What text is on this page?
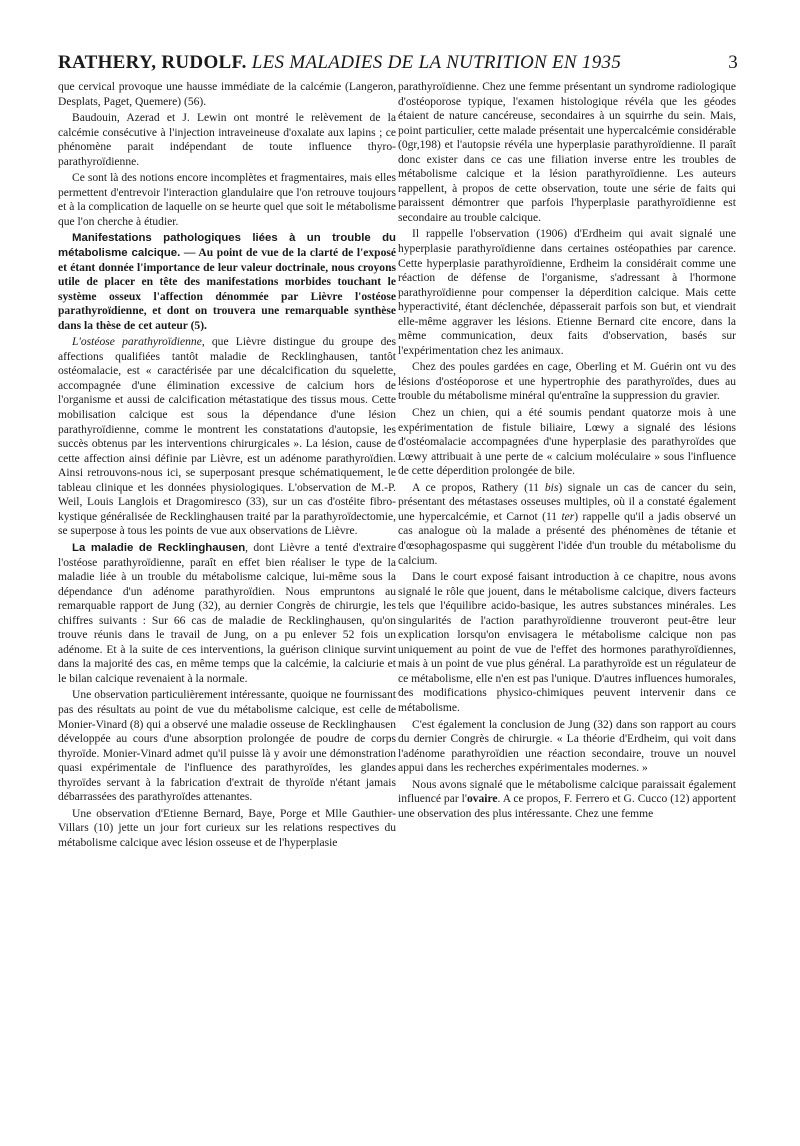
RATHERY, RUDOLF. LES MALADIES DE LA NUTRITION EN 1935	3

que cervical provoque une hausse immédiate de la calcémie (Langeron, Desplats, Paget, Quemere) (56).

Baudouin, Azerad et J. Lewin ont montré le relèvement de la calcémie consécutive à l'injection intraveineuse d'oxalate aux lapins ; ce phénomène parait indépendant de toute influence thyro-parathyroïdienne.

Ce sont là des notions encore incomplètes et fragmentaires, mais elles permettent d'entrevoir l'interaction glandulaire que l'on retrouve toujours et à la complication de laquelle on se heurte quel que soit le métabolisme que l'on cherche à étudier.

Manifestations pathologiques liées à un trouble du métabolisme calcique. — Au point de vue de la clarté de l'exposé et étant donnée l'importance de leur valeur doctrinale, nous croyons utile de placer en tête des manifestations morbides touchant le système osseux l'affection dénommée par Lièvre l'ostéose parathyroïdienne, et dont on trouvera une remarquable synthèse dans la thèse de cet auteur (5).

L'ostéose parathyroïdienne, que Lièvre distingue du groupe des affections qualifiées tantôt maladie de Recklinghausen, tantôt ostéomalacie, est « caractérisée par une décalcification du squelette, accompagnée d'une élimination excessive de calcium hors de l'organisme et aussi de calcification métastatique des tissus mous. Cette mobilisation calcique est sous la dépendance d'une lésion parathyroïdienne, comme le montrent les constatations d'autopsie, les succès obtenus par les interventions chirurgicales ». La lésion, cause de cette affection ainsi définie par Lièvre, est un adénome parathyroïdien. Ainsi retrouvons-nous ici, se superposant presque schématiquement, le tableau clinique et les données physiologiques. L'observation de M.-P. Weil, Louis Langlois et Dragomiresco (33), sur un cas d'ostéite fibro-kystique généralisée de Recklinghausen traité par la parathyroïdectomie, se superpose à tous les points de vue aux observations de Lièvre.

La maladie de Recklinghausen, dont Lièvre a tenté d'extraire l'ostéose parathyroïdienne, paraît en effet bien réaliser le type de la maladie liée à un trouble du métabolisme calcique, lui-même sous la dépendance d'un adénome parathyroïdien. Nous empruntons au remarquable rapport de Jung (32), au dernier Congrès de chirurgie, les chiffres suivants : Sur 66 cas de maladie de Recklinghausen, qu'on trouve réunis dans le travail de Jung, on a pu enlever 52 fois un adénome. Et à la suite de ces interventions, la guérison clinique survint dans la majorité des cas, en même temps que la calcémie, la calciurie et le bilan calcique revenaient à la normale.

Une observation particulièrement intéressante, quoique ne fournissant pas des résultats au point de vue du métabolisme calcique, est celle de Monier-Vinard (8) qui a observé une maladie osseuse de Recklinghausen développée au cours d'une absorption prolongée de poudre de corps thyroïde. Monier-Vinard admet qu'il puisse là y avoir une démonstration quasi expérimentale de l'influence des parathyroïdes, les glandes thyroïdes servant à la fabrication d'extrait de thyroïde n'étant jamais débarrassées des parathyroïdes attenantes.

Une observation d'Etienne Bernard, Baye, Porge et Mlle Gauthier-Villars (10) jette un jour fort curieux sur les relations respectives du métabolisme calcique avec lésion osseuse et de l'hyperplasie

parathyroïdienne. Chez une femme présentant un syndrome radiologique d'ostéoporose typique, l'examen histologique révéla que les géodes étaient de nature cancéreuse, secondaires à un squirrhe du sein. Mais, point particulier, cette malade présentait une hypercalcémie considérable (0gr,198) et l'autopsie révéla une hyperplasie parathyroïdienne. Il paraît donc exister dans ce cas une filiation inverse entre les troubles de métabolisme calcique et la lésion parathyroïdienne. Les auteurs rappellent, à propos de cette observation, toute une série de faits qui paraissent démontrer que parfois l'hyperplasie parathyroïdienne est secondaire au trouble calcique.

Il rappelle l'observation (1906) d'Erdheim qui avait signalé une hyperplasie parathyroïdienne dans certaines ostéopathies par carence. Cette hyperplasie parathyroïdienne, Erdheim la considérait comme une réaction de défense de l'organisme, s'adressant à l'hormone parathyroïdienne pour compenser la déperdition calcique. Mais cette hyperactivité, étant déclenchée, dépasserait parfois son but, et viendrait elle-même aggraver les lésions. Etienne Bernard cite encore, dans la même communication, deux faits d'observation, basés sur l'expérimentation chez les animaux.

Chez des poules gardées en cage, Oberling et M. Guérin ont vu des lésions d'ostéoporose et une hypertrophie des parathyroïdes, dues au trouble du métabolisme minéral qu'entraîne la suppression du gravier.

Chez un chien, qui a été soumis pendant quatorze mois à une expérimentation de fistule biliaire, Lœwy a signalé des lésions d'ostéomalacie accompagnées d'une hyperplasie des parathyroïdes que Lœwy attribuait à une perte de « calcium moléculaire » sous l'influence de cette déperdition prolongée de bile.

A ce propos, Rathery (11 bis) signale un cas de cancer du sein, présentant des métastases osseuses multiples, où il a constaté également une hypercalcémie, et Carnot (11 ter) rappelle qu'il a jadis observé un cas analogue où la malade a présenté des phénomènes de tétanie et d'œsophagospasme qui suggèrent l'idée d'un trouble du métabolisme du calcium.

Dans le court exposé faisant introduction à ce chapitre, nous avons signalé le rôle que jouent, dans le métabolisme calcique, divers facteurs tels que l'équilibre acido-basique, les autres substances minérales. Les singularités de l'action parathyroïdienne trouveront peut-être leur explication lorsqu'on envisagera le métabolisme calcique non pas uniquement au point de vue de l'effet des hormones parathyroïdiennes, mais à un point de vue plus général. La parathyroïde est un régulateur de ce métabolisme, elle n'en est pas l'unique. D'autres influences humorales, des modifications physico-chimiques peuvent intervenir dans ce métabolisme.

C'est également la conclusion de Jung (32) dans son rapport au cours du dernier Congrès de chirurgie. « La théorie d'Erdheim, qui voit dans l'adénome parathyroïdien une réaction secondaire, trouve un nouvel appui dans les recherches expérimentales modernes. »

Nous avons signalé que le métabolisme calcique paraissait également influencé par l'ovaire. A ce propos, F. Ferrero et G. Cucco (12) apportent une observation des plus intéressante. Chez une femme
